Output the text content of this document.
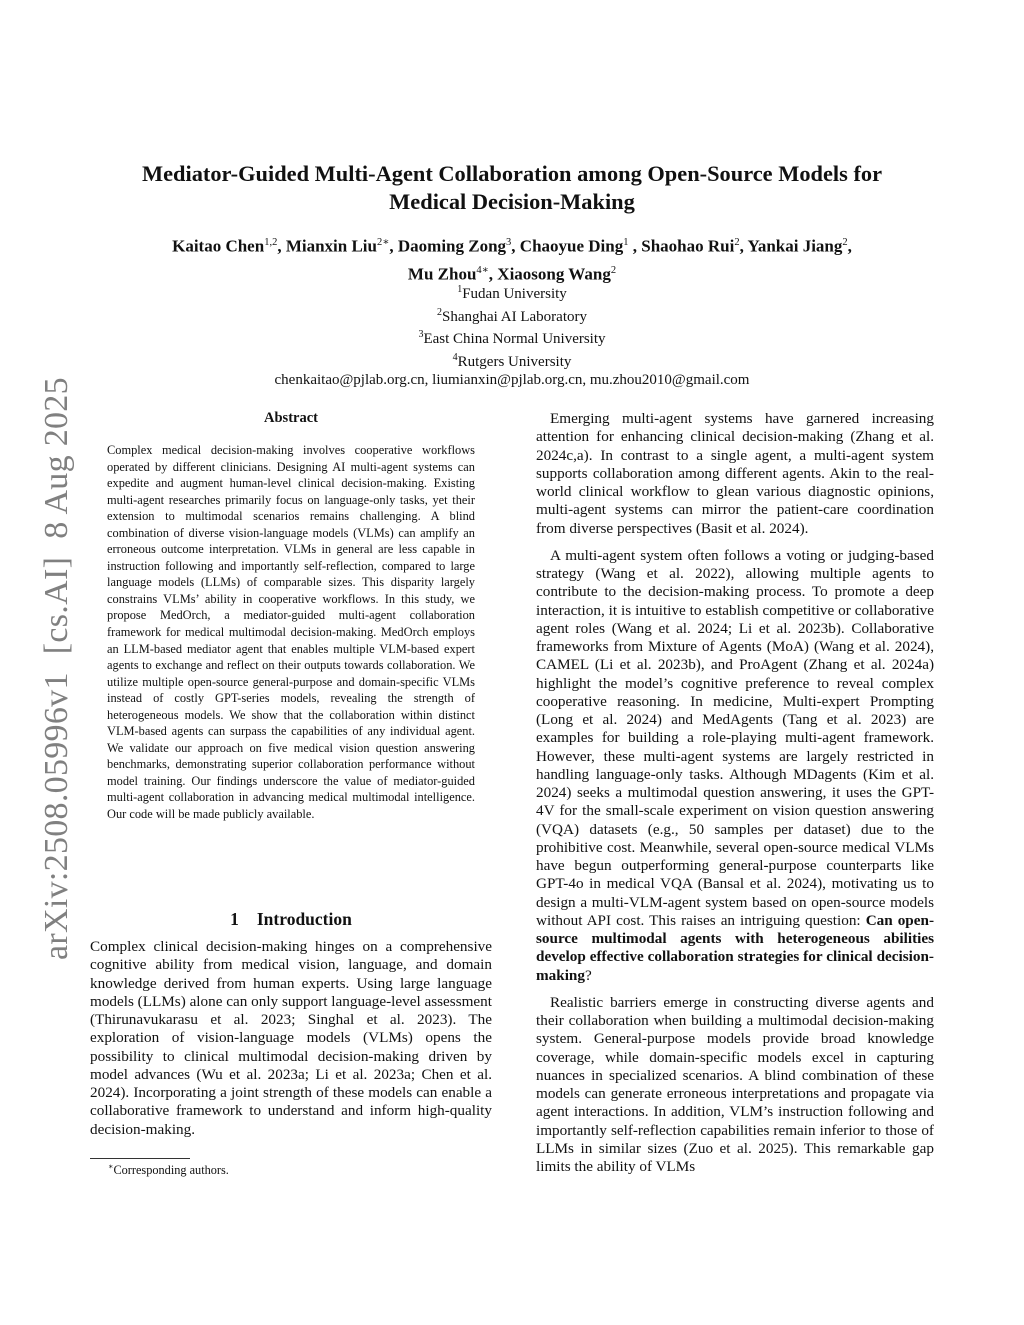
arXiv:2508.05996v1[cs.AI]8 Aug 2025
Mediator-Guided Multi-Agent Collaboration among Open-Source Models for
Medical Decision-Making
Kaitao Chen$^{1,2}$, Mianxin Liu$^{2∗}$, Daoming Zong$^3$, Chaoyue Ding$^1$ , Shaohao Rui$^2$, Yankai Jiang$^2$,
Mu Zhou$^{4∗}$, Xiaosong Wang$^2$
$^1$Fudan University
$^2$Shanghai AI Laboratory
$^3$East China Normal University
$^4$Rutgers University
chenkaitao@pjlab.org.cn, liumianxin@pjlab.org.cn, mu.zhou2010@gmail.com
Abstract
Complex medical decision-making involves cooperative workflows operated by different clinicians. Designing AI multi-agent systems can expedite and augment human-level clinical decision-making. Existing multi-agent researches primarily focus on language-only tasks, yet their extension to multimodal scenarios remains challenging. A blind combination of diverse vision-language models (VLMs) can amplify an erroneous outcome interpretation. VLMs in general are less capable in instruction following and importantly self-reflection, compared to large language models (LLMs) of comparable sizes. This disparity largely constrains VLMs’ ability in cooperative workflows. In this study, we propose MedOrch, a mediator-guided multi-agent collaboration framework for medical multimodal decision-making. MedOrch employs an LLM-based mediator agent that enables multiple VLM-based expert agents to exchange and reflect on their outputs towards collaboration. We utilize multiple open-source general-purpose and domain-specific VLMs instead of costly GPT-series models, revealing the strength of heterogeneous models. We show that the collaboration within distinct VLM-based agents can surpass the capabilities of any individual agent. We validate our approach on five medical vision question answering benchmarks, demonstrating superior collaboration performance without model training. Our findings underscore the value of mediator-guided multi-agent collaboration in advancing medical multimodal intelligence. Our code will be made publicly available.
1 Introduction
Complex clinical decision-making hinges on a comprehensive cognitive ability from medical vision, language, and domain knowledge derived from human experts. Using large language models (LLMs) alone can only support language-level assessment (Thirunavukarasu et al. 2023; Singhal et al. 2023). The exploration of vision-language models (VLMs) opens the possibility to clinical multimodal decision-making driven by model advances (Wu et al. 2023a; Li et al. 2023a; Chen et al. 2024). Incorporating a joint strength of these models can enable a collaborative framework to understand and inform high-quality decision-making.
∗Corresponding authors.

Emerging multi-agent systems have garnered increasing attention for enhancing clinical decision-making (Zhang et al. 2024c,a). In contrast to a single agent, a multi-agent system supports collaboration among different agents. Akin to the real-world clinical workflow to glean various diagnostic opinions, multi-agent systems can mirror the patient-care coordination from diverse perspectives (Basit et al. 2024).

A multi-agent system often follows a voting or judging-based strategy (Wang et al. 2022), allowing multiple agents to contribute to the decision-making process. To promote a deep interaction, it is intuitive to establish competitive or collaborative agent roles (Wang et al. 2024; Li et al. 2023b). Collaborative frameworks from Mixture of Agents (MoA) (Wang et al. 2024), CAMEL (Li et al. 2023b), and ProAgent (Zhang et al. 2024a) highlight the model’s cognitive preference to reveal complex cooperative reasoning. In medicine, Multi-expert Prompting (Long et al. 2024) and MedAgents (Tang et al. 2023) are examples for building a role-playing multi-agent framework. However, these multi-agent systems are largely restricted in handling language-only tasks. Although MDagents (Kim et al. 2024) seeks a multimodal question answering, it uses the GPT-4V for the small-scale experiment on vision question answering (VQA) datasets (e.g., 50 samples per dataset) due to the prohibitive cost. Meanwhile, several open-source medical VLMs have begun outperforming general-purpose counterparts like GPT-4o in medical VQA (Bansal et al. 2024), motivating us to design a multi-VLM-agent system based on open-source models without API cost. This raises an intriguing question: Can open-source multimodal agents with heterogeneous abilities develop effective collaboration strategies for clinical decision-making?

Realistic barriers emerge in constructing diverse agents and their collaboration when building a multimodal decision-making system. General-purpose models provide broad knowledge coverage, while domain-specific models excel in capturing nuances in specialized scenarios. A blind combination of these models can generate erroneous interpretations and propagate via agent interactions. In addition, VLM’s instruction following and importantly self-reflection capabilities remain inferior to those of LLMs in similar sizes (Zuo et al. 2025). This remarkable gap limits the ability of VLMs
